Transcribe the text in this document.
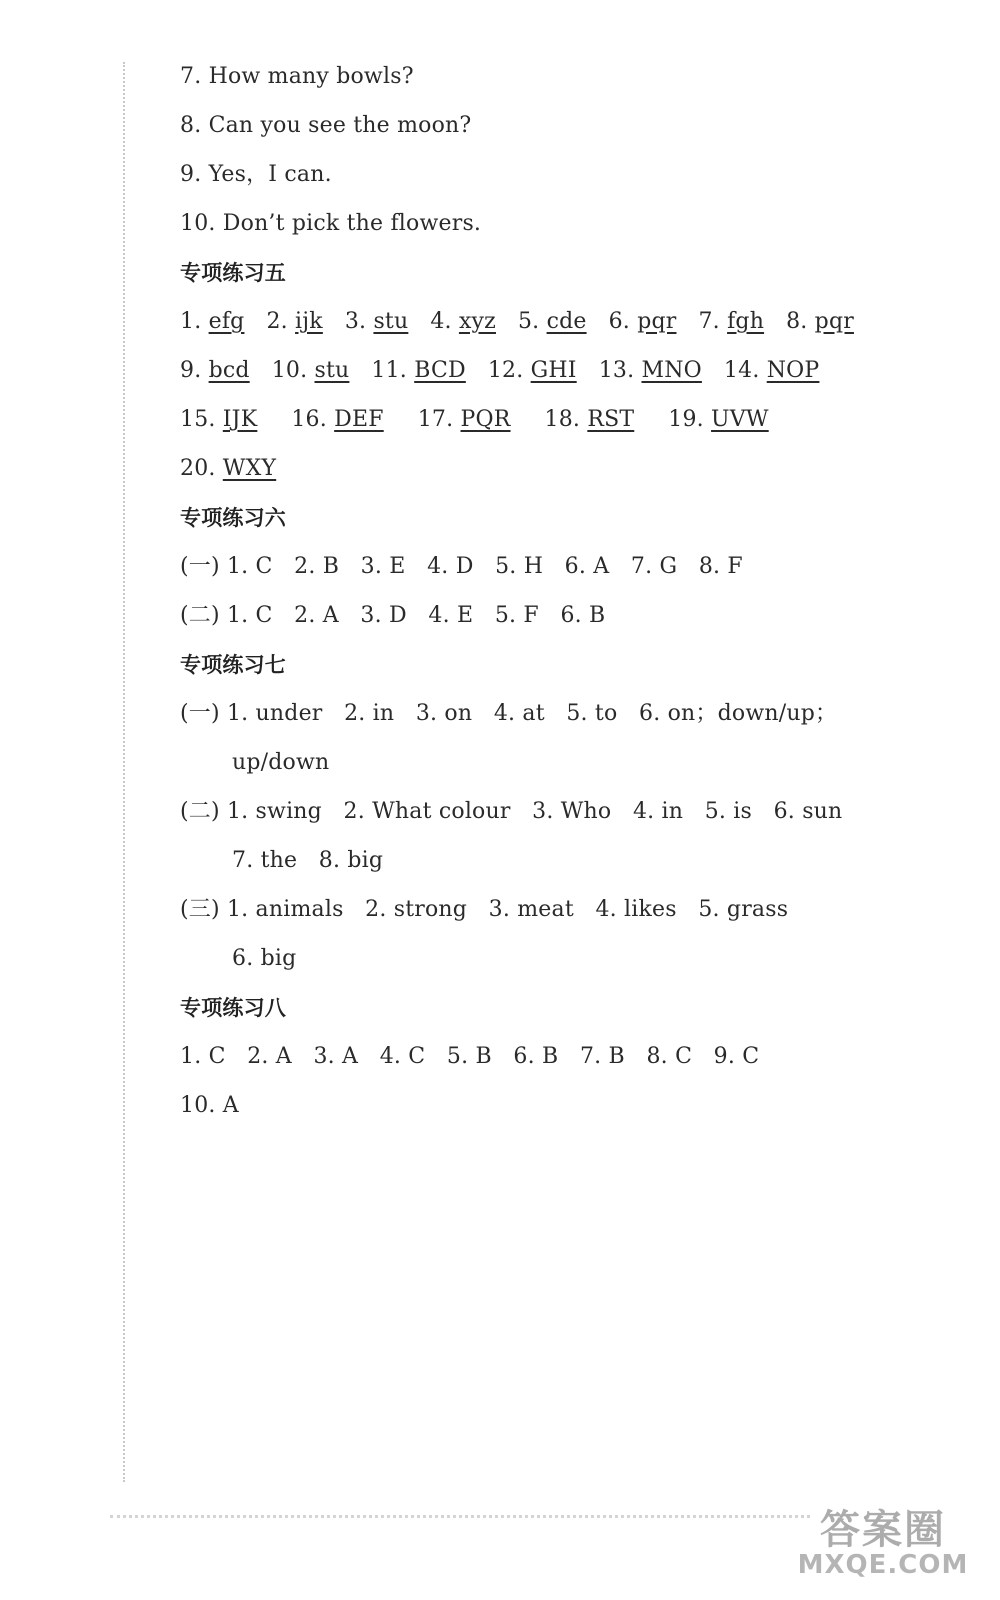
7. How many bowls?
8. Can you see the moon?
9. Yes，I can.
10. Don’t pick the flowers.
专项练习五
1. efg 2. ijk 3. stu 4. xyz 5. cde 6. pqr 7. fgh 8. pqr
9. bcd 10. stu 11. BCD 12. GHI 13. MNO 14. NOP
15. IJK 16. DEF 17. PQR 18. RST 19. UVW
20. WXY
专项练习六
(一) 1. C   2. B   3. E   4. D   5. H   6. A   7. G   8. F
(二) 1. C   2. A   3. D   4. E   5. F   6. B
专项练习七
(一) 1. under   2. in   3. on   4. at   5. to   6. on；down/up；
up/down
(二) 1. swing   2. What colour   3. Who   4. in   5. is   6. sun
7. the   8. big
(三) 1. animals   2. strong   3. meat   4. likes   5. grass
6. big
专项练习八
1. C   2. A   3. A   4. C   5. B   6. B   7. B   8. C   9. C
10. A
答案圈
MXQE.COM
